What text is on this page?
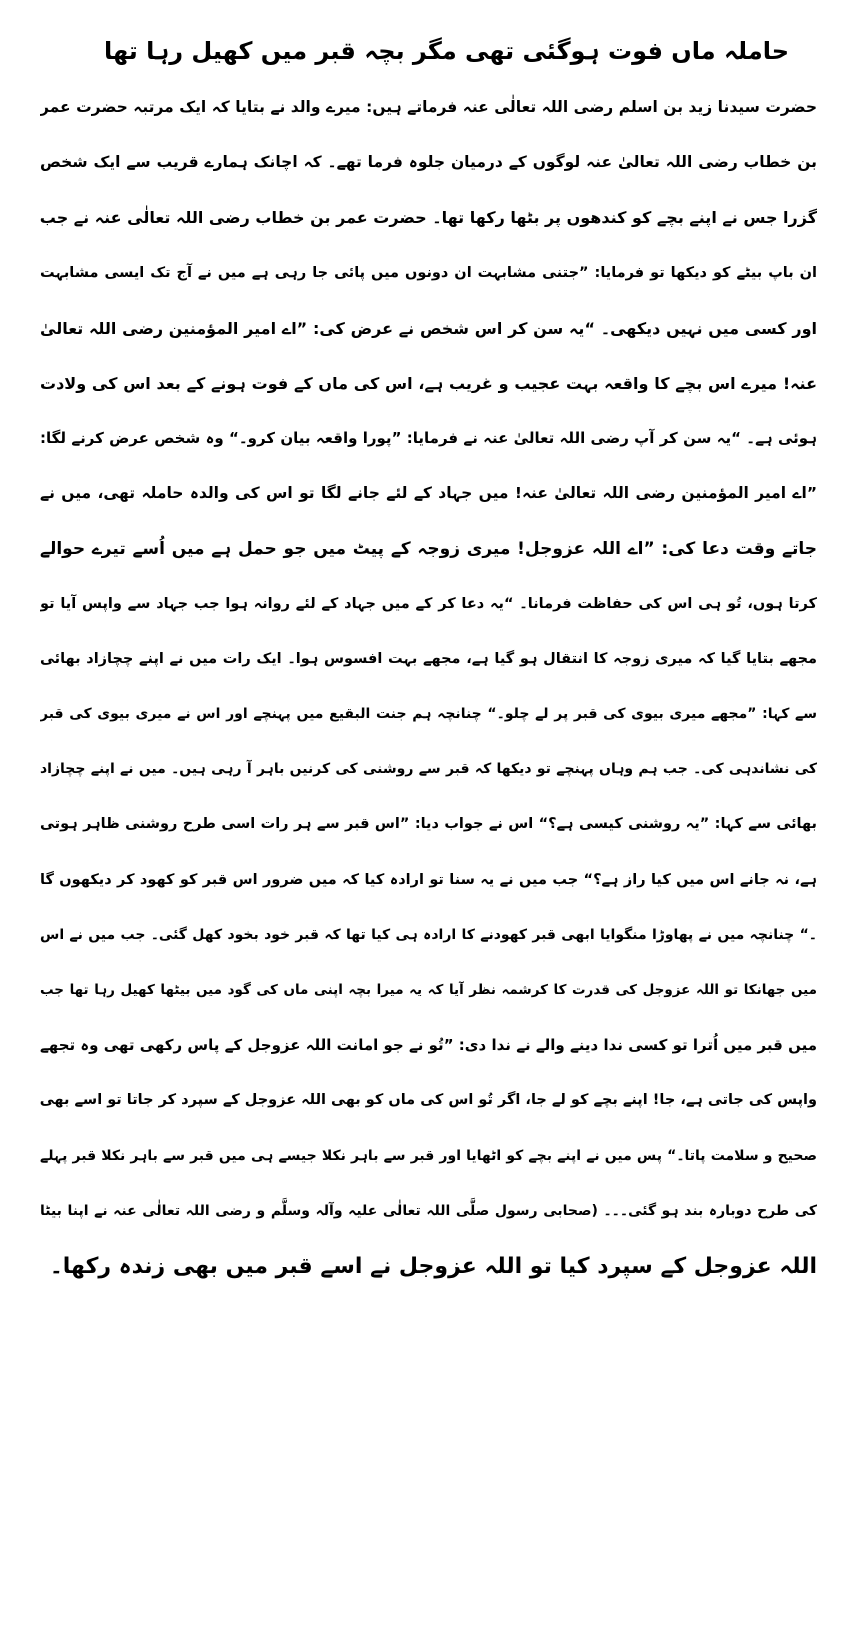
حاملہ ماں فوت ہوگئی تھی مگر بچہ قبر میں کھیل رہا تھا
حضرت سیدنا زید بن اسلم رضی اللہ تعالٰی عنہ فرماتے ہیں: میرے والد نے بتایا کہ ایک مرتبہ حضرت عمر
بن خطاب رضی اللہ تعالیٰ عنہ لوگوں کے درمیان جلوہ فرما تھے۔ کہ اچانک ہمارے قریب سے ایک شخص
گزرا جس نے اپنے بچے کو کندھوں پر بٹھا رکھا تھا۔ حضرت عمر بن خطاب رضی اللہ تعالٰی عنہ نے جب
ان باپ بیٹے کو دیکھا تو فرمایا: ”جتنی مشابہت ان دونوں میں پائی جا رہی ہے میں نے آج تک ایسی مشابہت
اور کسی میں نہیں دیکھی۔ “یہ سن کر اس شخص نے عرض کی: ”اے امیر المؤمنین رضی اللہ تعالیٰ
عنہ! میرے اس بچے کا واقعہ بہت عجیب و غریب ہے، اس کی ماں کے فوت ہونے کے بعد اس کی ولادت
ہوئی ہے۔ “یہ سن کر آپ رضی اللہ تعالیٰ عنہ نے فرمایا: ”پورا واقعہ بیان کرو۔“ وہ شخص عرض کرنے لگا:
”اے امیر المؤمنین رضی اللہ تعالیٰ عنہ! میں جہاد کے لئے جانے لگا تو اس کی والدہ حاملہ تھی، میں نے
جاتے وقت دعا کی: ”اے اللہ عزوجل! میری زوجہ کے پیٹ میں جو حمل ہے میں اُسے تیرے حوالے
کرتا ہوں، تُو ہی اس کی حفاظت فرمانا۔ “یہ دعا کر کے میں جہاد کے لئے روانہ ہوا جب جہاد سے واپس آیا تو
مجھے بتایا گیا کہ میری زوجہ کا انتقال ہو گیا ہے، مجھے بہت افسوس ہوا۔ ایک رات میں نے اپنے چچازاد بھائی
سے کہا: ”مجھے میری بیوی کی قبر پر لے چلو۔“ چنانچہ ہم جنت البقیع میں پہنچے اور اس نے میری بیوی کی قبر
کی نشاندہی کی۔ جب ہم وہاں پہنچے تو دیکھا کہ قبر سے روشنی کی کرنیں باہر آ رہی ہیں۔ میں نے اپنے چچازاد
بھائی سے کہا: ”یہ روشنی کیسی ہے؟“ اس نے جواب دیا: ”اس قبر سے ہر رات اسی طرح روشنی ظاہر ہوتی
ہے، نہ جانے اس میں کیا راز ہے؟“ جب میں نے یہ سنا تو ارادہ کیا کہ میں ضرور اس قبر کو کھود کر دیکھوں گا
۔“ چنانچہ میں نے پھاوڑا منگوایا ابھی قبر کھودنے کا ارادہ ہی کیا تھا کہ قبر خود بخود کھل گئی۔ جب میں نے اس
میں جھانکا تو اللہ عزوجل کی قدرت کا کرشمہ نظر آیا کہ یہ میرا بچہ اپنی ماں کی گود میں بیٹھا کھیل رہا تھا جب
میں قبر میں اُترا تو کسی ندا دینے والے نے ندا دی: ”تُو نے جو امانت اللہ عزوجل کے پاس رکھی تھی وہ تجھے
واپس کی جاتی ہے، جا! اپنے بچے کو لے جا، اگر تُو اس کی ماں کو بھی اللہ عزوجل کے سپرد کر جاتا تو اسے بھی
صحیح و سلامت پاتا۔“ پس میں نے اپنے بچے کو اٹھایا اور قبر سے باہر نکلا جیسے ہی میں قبر سے باہر نکلا قبر پہلے
کی طرح دوبارہ بند ہو گئی۔۔۔ (صحابی رسول صلَّی اللہ تعالٰی علیہ وآلہ وسلَّم و رضی اللہ تعالٰی عنہ نے اپنا بیٹا
اللہ عزوجل کے سپرد کیا تو اللہ عزوجل نے اسے قبر میں بھی زندہ رکھا۔
